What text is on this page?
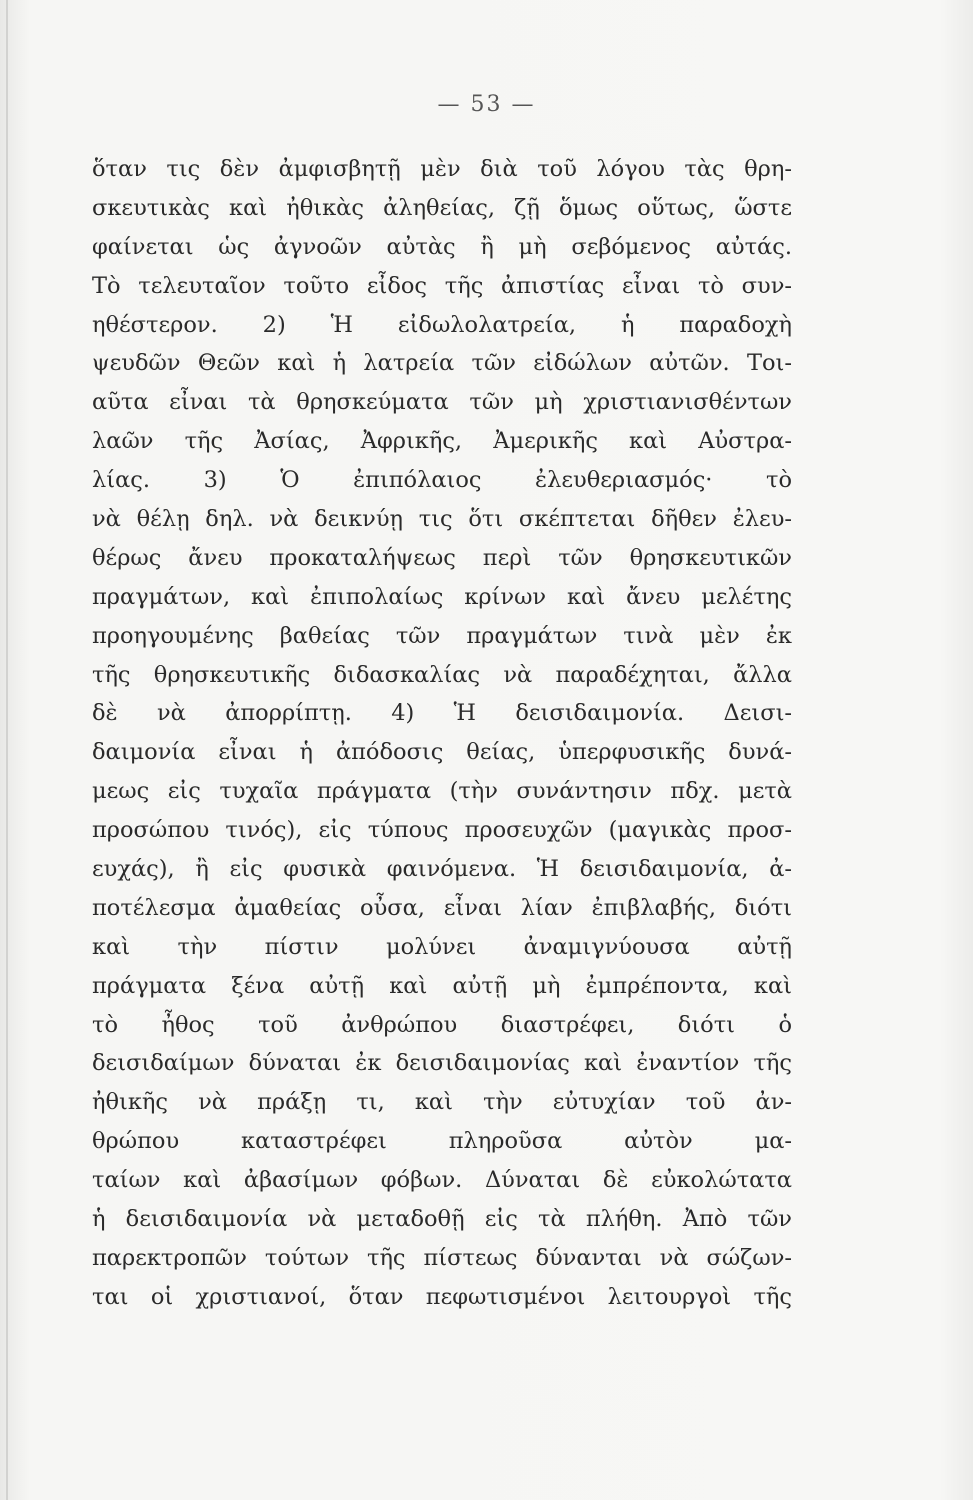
— 53 —
ὅταν τις δὲν ἀμφισβητῇ μὲν διὰ τοῦ λόγου τὰς θρη-
σκευτικὰς καὶ ἠθικὰς ἀληθείας, ζῇ ὅμως οὕτως, ὥστε
φαίνεται ὡς ἀγνοῶν αὐτὰς ἢ μὴ σεβόμενος αὐτάς.
Τὸ τελευταῖον τοῦτο εἶδος τῆς ἀπιστίας εἶναι τὸ συν-
ηθέστερον. 2) Ἡ εἰδωλολατρεία, ἡ παραδοχὴ
ψευδῶν Θεῶν καὶ ἡ λατρεία τῶν εἰδώλων αὐτῶν. Τοι-
αῦτα εἶναι τὰ θρησκεύματα τῶν μὴ χριστιανισθέντων
λαῶν τῆς Ἀσίας, Ἀφρικῆς, Ἀμερικῆς καὶ Αὐστρα-
λίας. 3) Ὁ ἐπιπόλαιος ἐλευθεριασμός· τὸ
νὰ θέλῃ δηλ. νὰ δεικνύῃ τις ὅτι σκέπτεται δῆθεν ἐλευ-
θέρως ἄνευ προκαταλήψεως περὶ τῶν θρησκευτικῶν
πραγμάτων, καὶ ἐπιπολαίως κρίνων καὶ ἄνευ μελέτης
προηγουμένης βαθείας τῶν πραγμάτων τινὰ μὲν ἐκ
τῆς θρησκευτικῆς διδασκαλίας νὰ παραδέχηται, ἄλλα
δὲ νὰ ἀπορρίπτῃ. 4) Ἡ δεισιδαιμονία. Δεισι-
δαιμονία εἶναι ἡ ἀπόδοσις θείας, ὑπερφυσικῆς δυνά-
μεως εἰς τυχαῖα πράγματα (τὴν συνάντησιν πδχ. μετὰ
προσώπου τινός), εἰς τύπους προσευχῶν (μαγικὰς προσ-
ευχάς), ἢ εἰς φυσικὰ φαινόμενα. Ἡ δεισιδαιμονία, ἀ-
ποτέλεσμα ἀμαθείας οὖσα, εἶναι λίαν ἐπιβλαβής, διότι
καὶ τὴν πίστιν μολύνει ἀναμιγνύουσα αὐτῇ
πράγματα ξένα αὐτῇ καὶ αὐτῇ μὴ ἐμπρέποντα, καὶ
τὸ ἦθος τοῦ ἀνθρώπου διαστρέφει, διότι ὁ
δεισιδαίμων δύναται ἐκ δεισιδαιμονίας καὶ ἐναντίον τῆς
ἠθικῆς νὰ πράξῃ τι, καὶ τὴν εὐτυχίαν τοῦ ἀν-
θρώπου καταστρέφει πληροῦσα αὐτὸν μα-
ταίων καὶ ἀβασίμων φόβων. Δύναται δὲ εὐκολώτατα
ἡ δεισιδαιμονία νὰ μεταδοθῇ εἰς τὰ πλήθη. Ἀπὸ τῶν
παρεκτροπῶν τούτων τῆς πίστεως δύνανται νὰ σώζων-
ται οἱ χριστιανοί, ὅταν πεφωτισμένοι λειτουργοὶ τῆς
